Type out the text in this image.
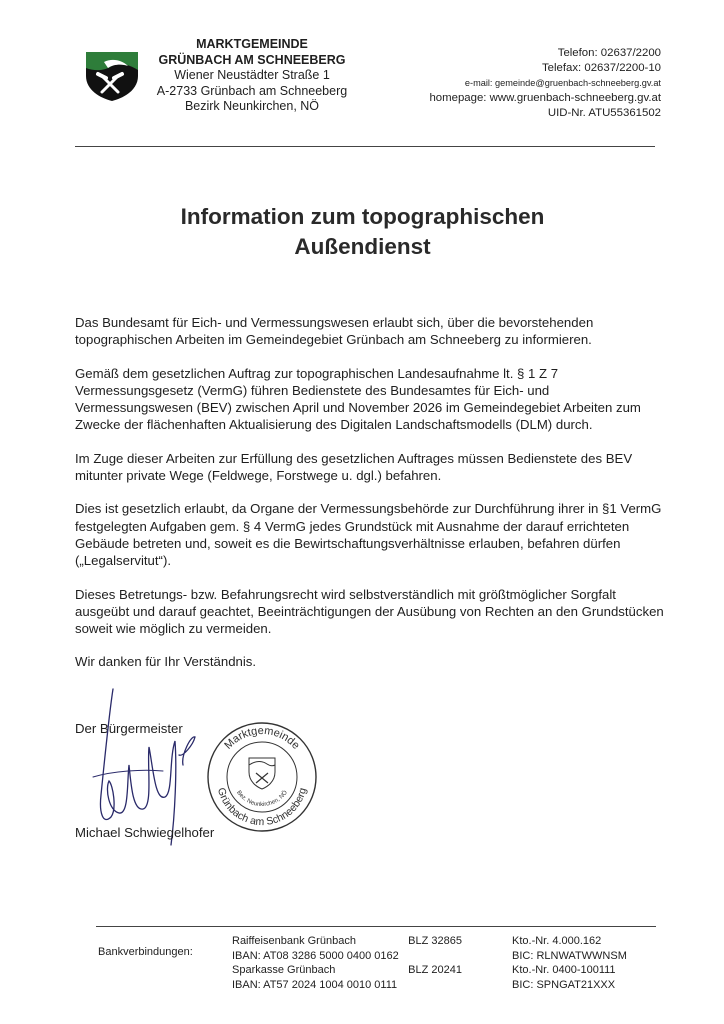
MARKTGEMEINDE
GRÜNBACH AM SCHNEEBERG
Wiener Neustädter Straße 1
A-2733 Grünbach am Schneeberg
Bezirk Neunkirchen, NÖ
Telefon: 02637/2200
Telefax: 02637/2200-10
e-mail: gemeinde@gruenbach-schneeberg.gv.at
homepage: www.gruenbach-schneeberg.gv.at
UID-Nr. ATU55361502
Information zum topographischen
Außendienst

Das Bundesamt für Eich- und Vermessungswesen erlaubt sich, über die bevorstehenden topographischen Arbeiten im Gemeindegebiet Grünbach am Schneeberg zu informieren.

Gemäß dem gesetzlichen Auftrag zur topographischen Landesaufnahme lt. § 1 Z 7 Vermessungsgesetz (VermG) führen Bedienstete des Bundesamtes für Eich- und Vermessungswesen (BEV) zwischen April und November 2026 im Gemeindegebiet Arbeiten zum Zwecke der flächenhaften Aktualisierung des Digitalen Landschaftsmodells (DLM) durch.

Im Zuge dieser Arbeiten zur Erfüllung des gesetzlichen Auftrages müssen Bedienstete des BEV mitunter private Wege (Feldwege, Forstwege u. dgl.) befahren.

Dies ist gesetzlich erlaubt, da Organe der Vermessungsbehörde zur Durchführung ihrer in §1 VermG festgelegten Aufgaben gem. § 4 VermG jedes Grundstück mit Ausnahme der darauf errichteten Gebäude betreten und, soweit es die Bewirtschaftungsverhältnisse erlauben, befahren dürfen („Legalservitut“).

Dieses Betretungs- bzw. Befahrungsrecht wird selbstverständlich mit größtmöglicher Sorgfalt ausgeübt und darauf geachtet, Beeinträchtigungen der Ausübung von Rechten an den Grundstücken soweit wie möglich zu vermeiden.

Wir danken für Ihr Verständnis.

Der Bürgermeister
Michael Schwiegelhofer
Marktgemeinde
Grünbach am Schneeberg
Bez. Neunkirchen, NÖ
Bankverbindungen:
Raiffeisenbank Grünbach	BLZ 32865
IBAN: AT08 3286 5000 0400 0162
Sparkasse Grünbach	BLZ 20241
IBAN: AT57 2024 1004 0010 0111
Kto.-Nr. 4.000.162
BIC: RLNWATWWNSM
Kto.-Nr. 0400-100111
BIC: SPNGAT21XXX
